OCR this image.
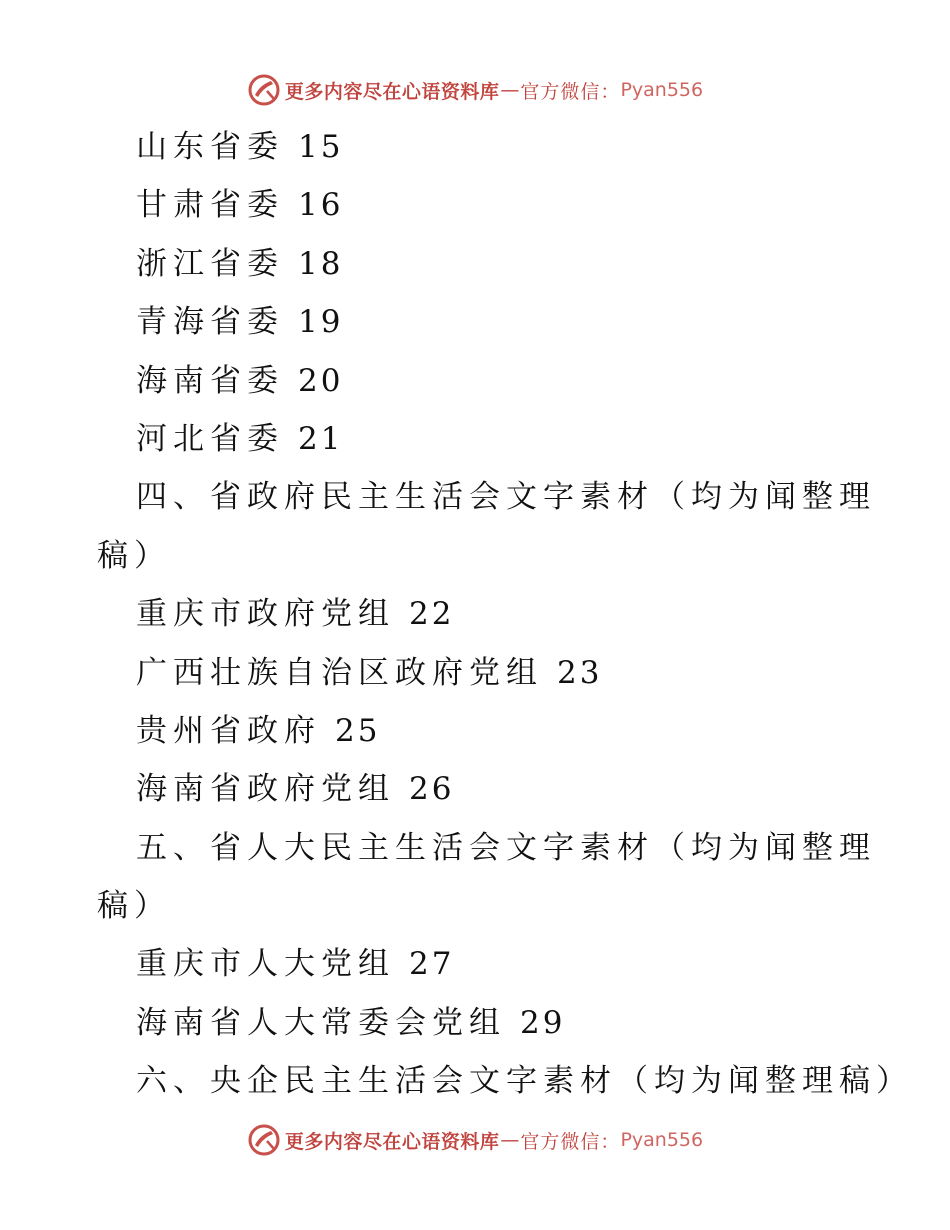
更多内容尽在心语资料库 — 官方微信： Pyan556
山东省委 15
甘肃省委 16
浙江省委 18
青海省委 19
海南省委 20
河北省委 21
四、省政府民主生活会文字素材（均为闻整理
稿）
重庆市政府党组 22
广西壮族自治区政府党组 23
贵州省政府 25
海南省政府党组 26
五、省人大民主生活会文字素材（均为闻整理
稿）
重庆市人大党组 27
海南省人大常委会党组 29
六、央企民主生活会文字素材（均为闻整理稿）
更多内容尽在心语资料库 — 官方微信： Pyan556
